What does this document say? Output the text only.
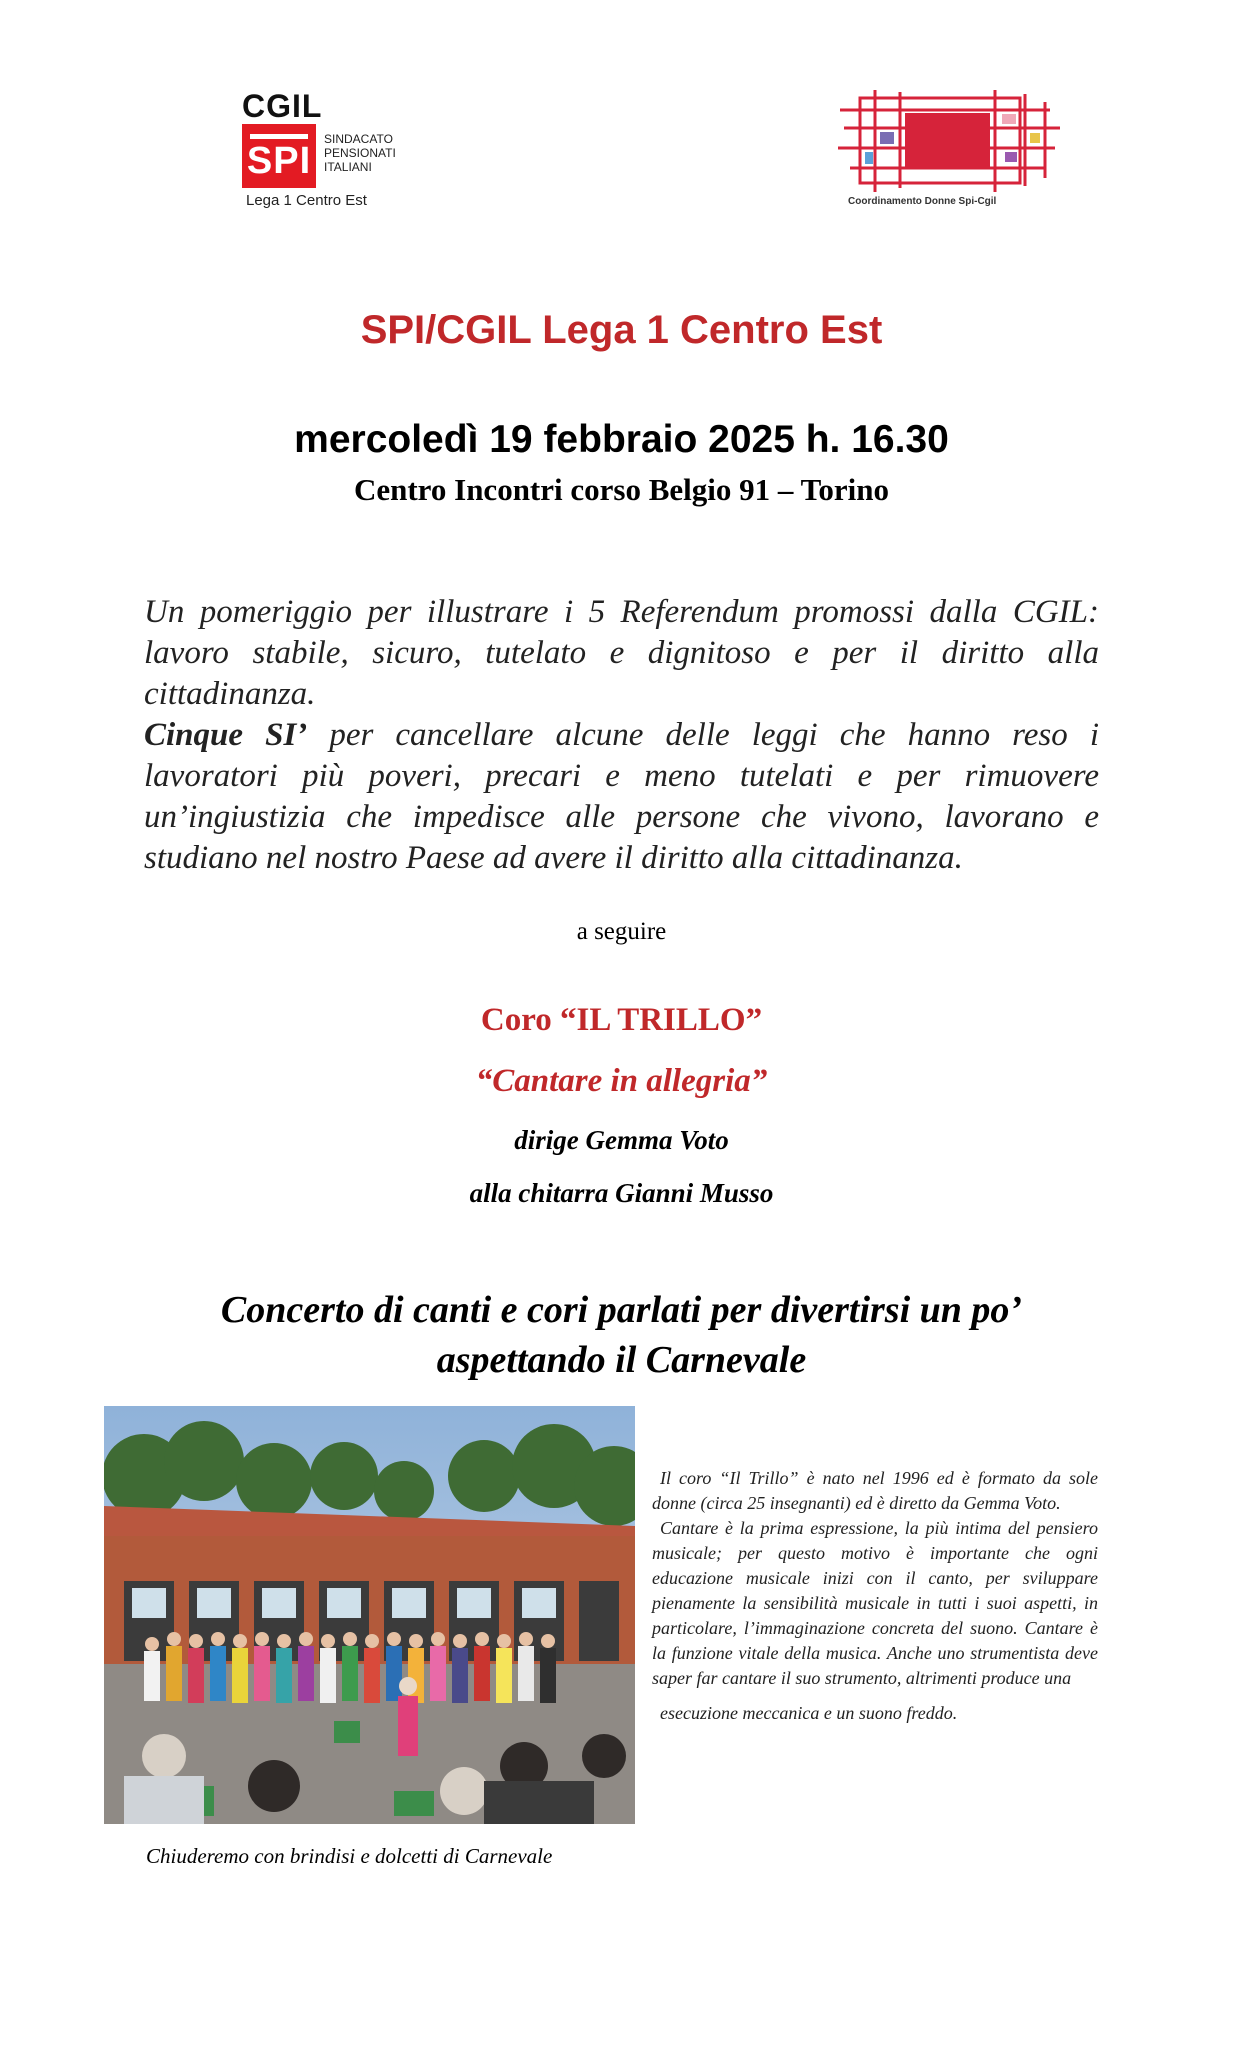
CGIL
SPI
SINDACATO
PENSIONATI
ITALIANI
Lega 1 Centro Est	Coordinamento Donne Spi-Cgil
SPI/CGIL Lega 1 Centro Est
mercoledì 19 febbraio 2025 h. 16.30
Centro Incontri corso Belgio 91 – Torino
Un pomeriggio per illustrare i 5 Referendum promossi dalla CGIL: lavoro stabile, sicuro, tutelato e dignitoso e per il diritto alla cittadinanza.
Cinque SI’ per cancellare alcune delle leggi che hanno reso i lavoratori più poveri, precari e meno tutelati e per rimuovere un’ingiustizia che impedisce alle persone che vivono, lavorano e studiano nel nostro Paese ad avere il diritto alla cittadinanza.
a seguire
Coro “IL TRILLO”
“Cantare in allegria”
dirige Gemma Voto
alla chitarra Gianni Musso
Concerto di canti e cori parlati per divertirsi un po’
aspettando il Carnevale
Chiuderemo con brindisi e dolcetti di Carnevale

Il coro “Il Trillo” è nato nel 1996 ed è formato da sole donne (circa 25 insegnanti) ed è diretto da Gemma Voto.

Cantare è la prima espressione, la più intima del pensiero musicale; per questo motivo è importante che ogni educazione musicale inizi con il canto, per sviluppare pienamente la sensibilità musicale in tutti i suoi aspetti, in particolare, l’immaginazione concreta del suono. Cantare è la funzione vitale della musica. Anche uno strumentista deve saper far cantare il suo strumento, altrimenti produce una

esecuzione meccanica e un suono freddo.
